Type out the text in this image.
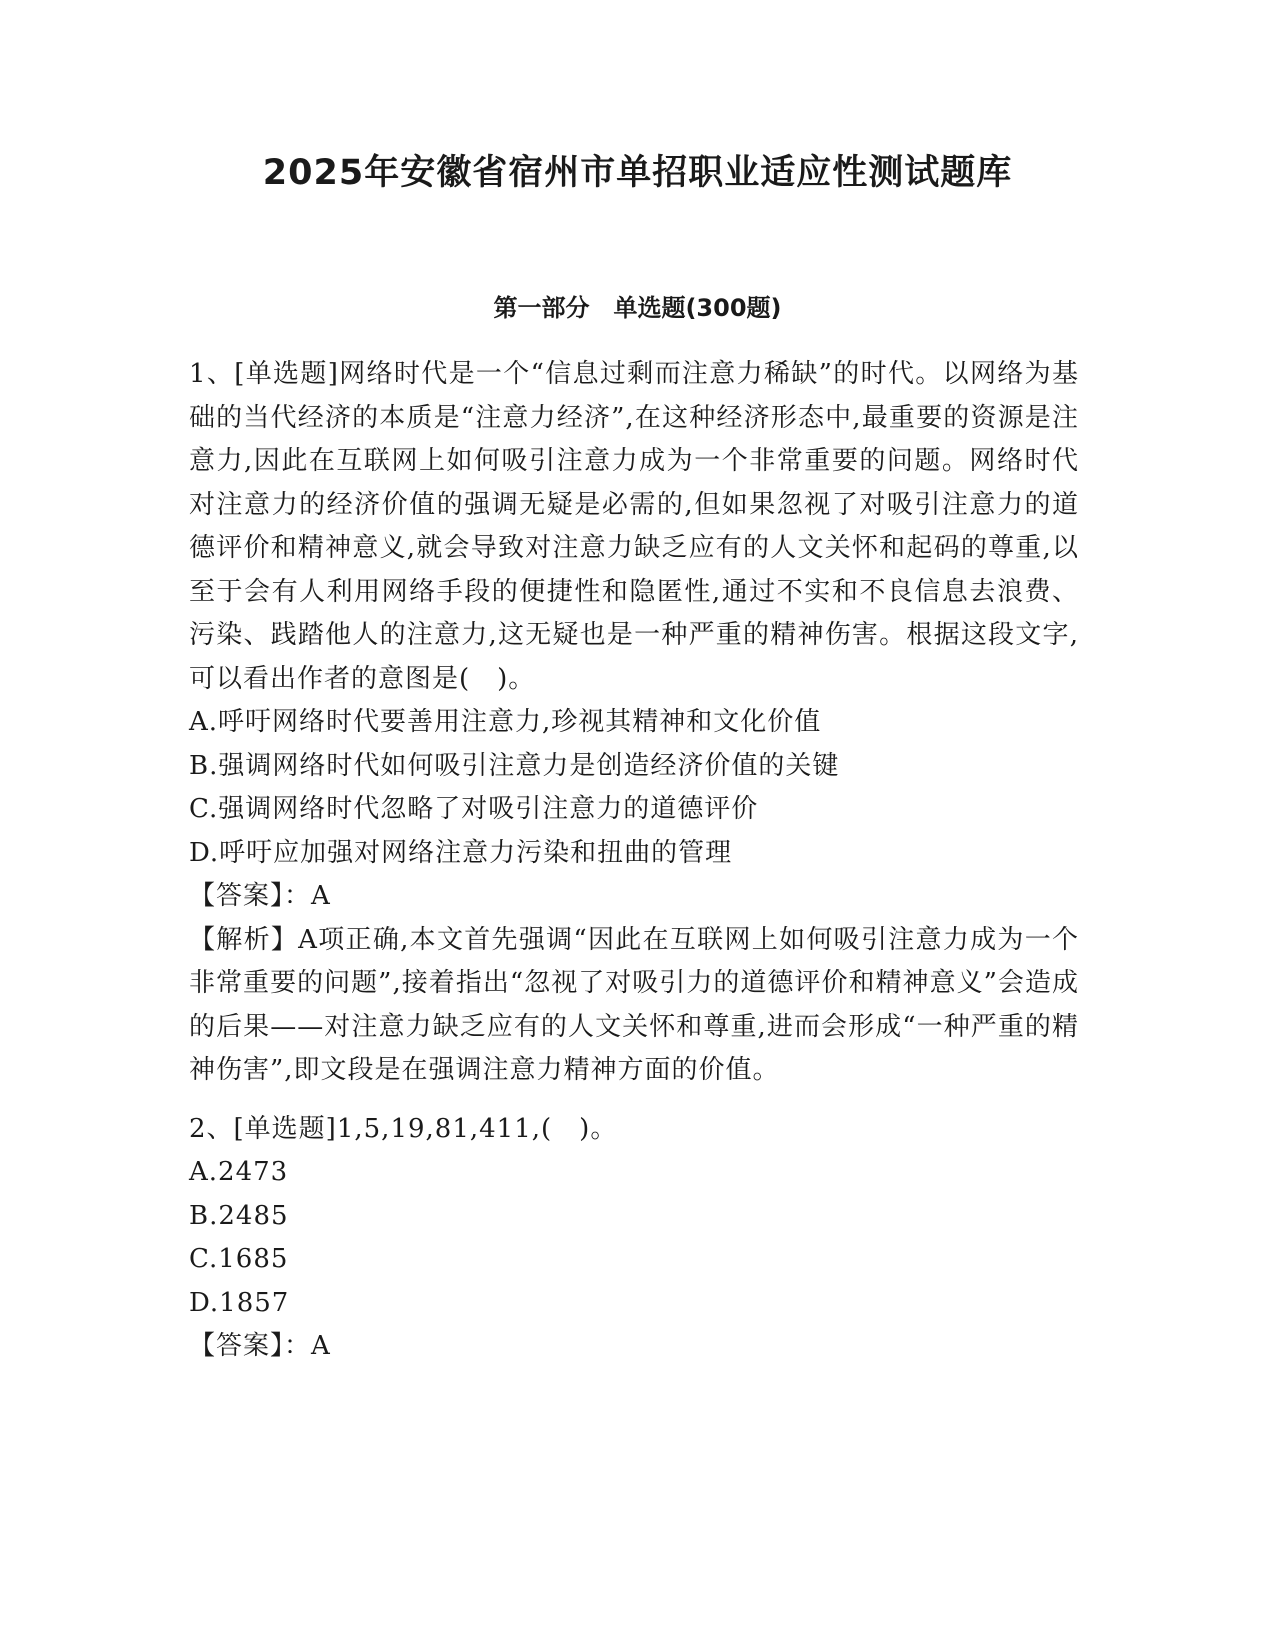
2025年安徽省宿州市单招职业适应性测试题库
第一部分　单选题(300题)

1、[单选题]网络时代是一个“信息过剩而注意力稀缺”的时代。以网络为基础的当代经济的本质是“注意力经济”,在这种经济形态中,最重要的资源是注意力,因此在互联网上如何吸引注意力成为一个非常重要的问题。网络时代对注意力的经济价值的强调无疑是必需的,但如果忽视了对吸引注意力的道德评价和精神意义,就会导致对注意力缺乏应有的人文关怀和起码的尊重,以至于会有人利用网络手段的便捷性和隐匿性,通过不实和不良信息去浪费、污染、践踏他人的注意力,这无疑也是一种严重的精神伤害。根据这段文字,可以看出作者的意图是(　)。

A.呼吁网络时代要善用注意力,珍视其精神和文化价值

B.强调网络时代如何吸引注意力是创造经济价值的关键

C.强调网络时代忽略了对吸引注意力的道德评价

D.呼吁应加强对网络注意力污染和扭曲的管理

【答案】：A

【解析】A项正确,本文首先强调“因此在互联网上如何吸引注意力成为一个非常重要的问题”,接着指出“忽视了对吸引力的道德评价和精神意义”会造成的后果——对注意力缺乏应有的人文关怀和尊重,进而会形成“一种严重的精神伤害”,即文段是在强调注意力精神方面的价值。

2、[单选题]1,5,19,81,411,(　)。

A.2473

B.2485

C.1685

D.1857

【答案】：A
